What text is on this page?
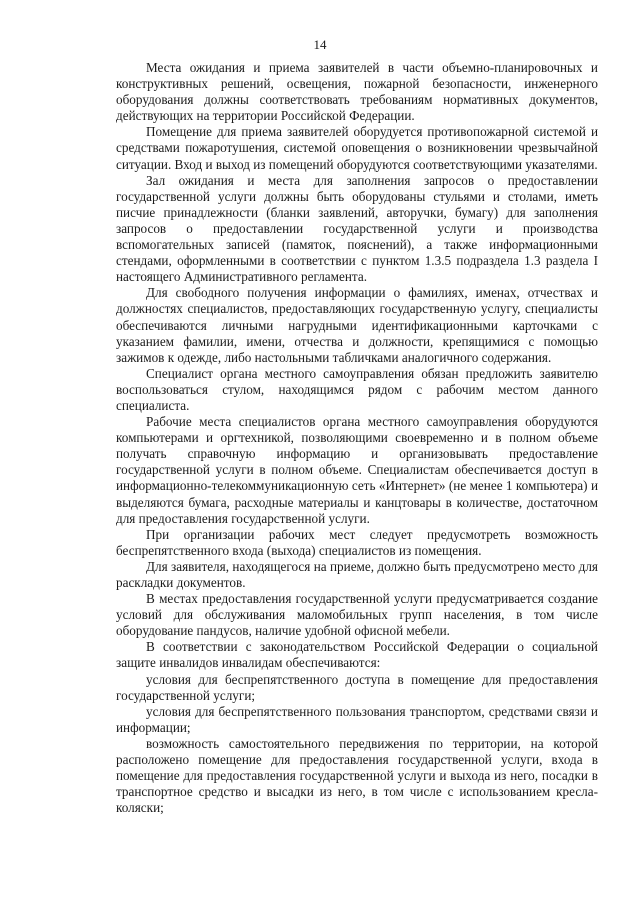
14

Места ожидания и приема заявителей в части объемно-планировочных и конструктивных решений, освещения, пожарной безопасности, инженерного оборудования должны соответствовать требованиям нормативных документов, действующих на территории Российской Федерации.

Помещение для приема заявителей оборудуется противопожарной системой и средствами пожаротушения, системой оповещения о возникновении чрезвычайной ситуации. Вход и выход из помещений оборудуются соответствующими указателями.

Зал ожидания и места для заполнения запросов о предоставлении государственной услуги должны быть оборудованы стульями и столами, иметь писчие принадлежности (бланки заявлений, авторучки, бумагу) для заполнения запросов о предоставлении государственной услуги и производства вспомогательных записей (памяток, пояснений), а также информационными стендами, оформленными в соответствии с пунктом 1.3.5 подраздела 1.3 раздела I настоящего Административного регламента.

Для свободного получения информации о фамилиях, именах, отчествах и должностях специалистов, предоставляющих государственную услугу, специалисты обеспечиваются личными нагрудными идентификационными карточками с указанием фамилии, имени, отчества и должности, крепящимися с помощью зажимов к одежде, либо настольными табличками аналогичного содержания.

Специалист органа местного самоуправления обязан предложить заявителю воспользоваться стулом, находящимся рядом с рабочим местом данного специалиста.

Рабочие места специалистов органа местного самоуправления оборудуются компьютерами и оргтехникой, позволяющими своевременно и в полном объеме получать справочную информацию и организовывать предоставление государственной услуги в полном объеме. Специалистам обеспечивается доступ в информационно-телекоммуникационную сеть «Интернет» (не менее 1 компьютера) и выделяются бумага, расходные материалы и канцтовары в количестве, достаточном для предоставления государственной услуги.

При организации рабочих мест следует предусмотреть возможность беспрепятственного входа (выхода) специалистов из помещения.

Для заявителя, находящегося на приеме, должно быть предусмотрено место для раскладки документов.

В местах предоставления государственной услуги предусматривается создание условий для обслуживания маломобильных групп населения, в том числе оборудование пандусов, наличие удобной офисной мебели.

В соответствии с законодательством Российской Федерации о социальной защите инвалидов инвалидам обеспечиваются:

условия для беспрепятственного доступа в помещение для предоставления государственной услуги;

условия для беспрепятственного пользования транспортом, средствами связи и информации;

возможность самостоятельного передвижения по территории, на которой расположено помещение для предоставления государственной услуги, входа в помещение для предоставления государственной услуги и выхода из него, посадки в транспортное средство и высадки из него, в том числе с использованием кресла-коляски;
